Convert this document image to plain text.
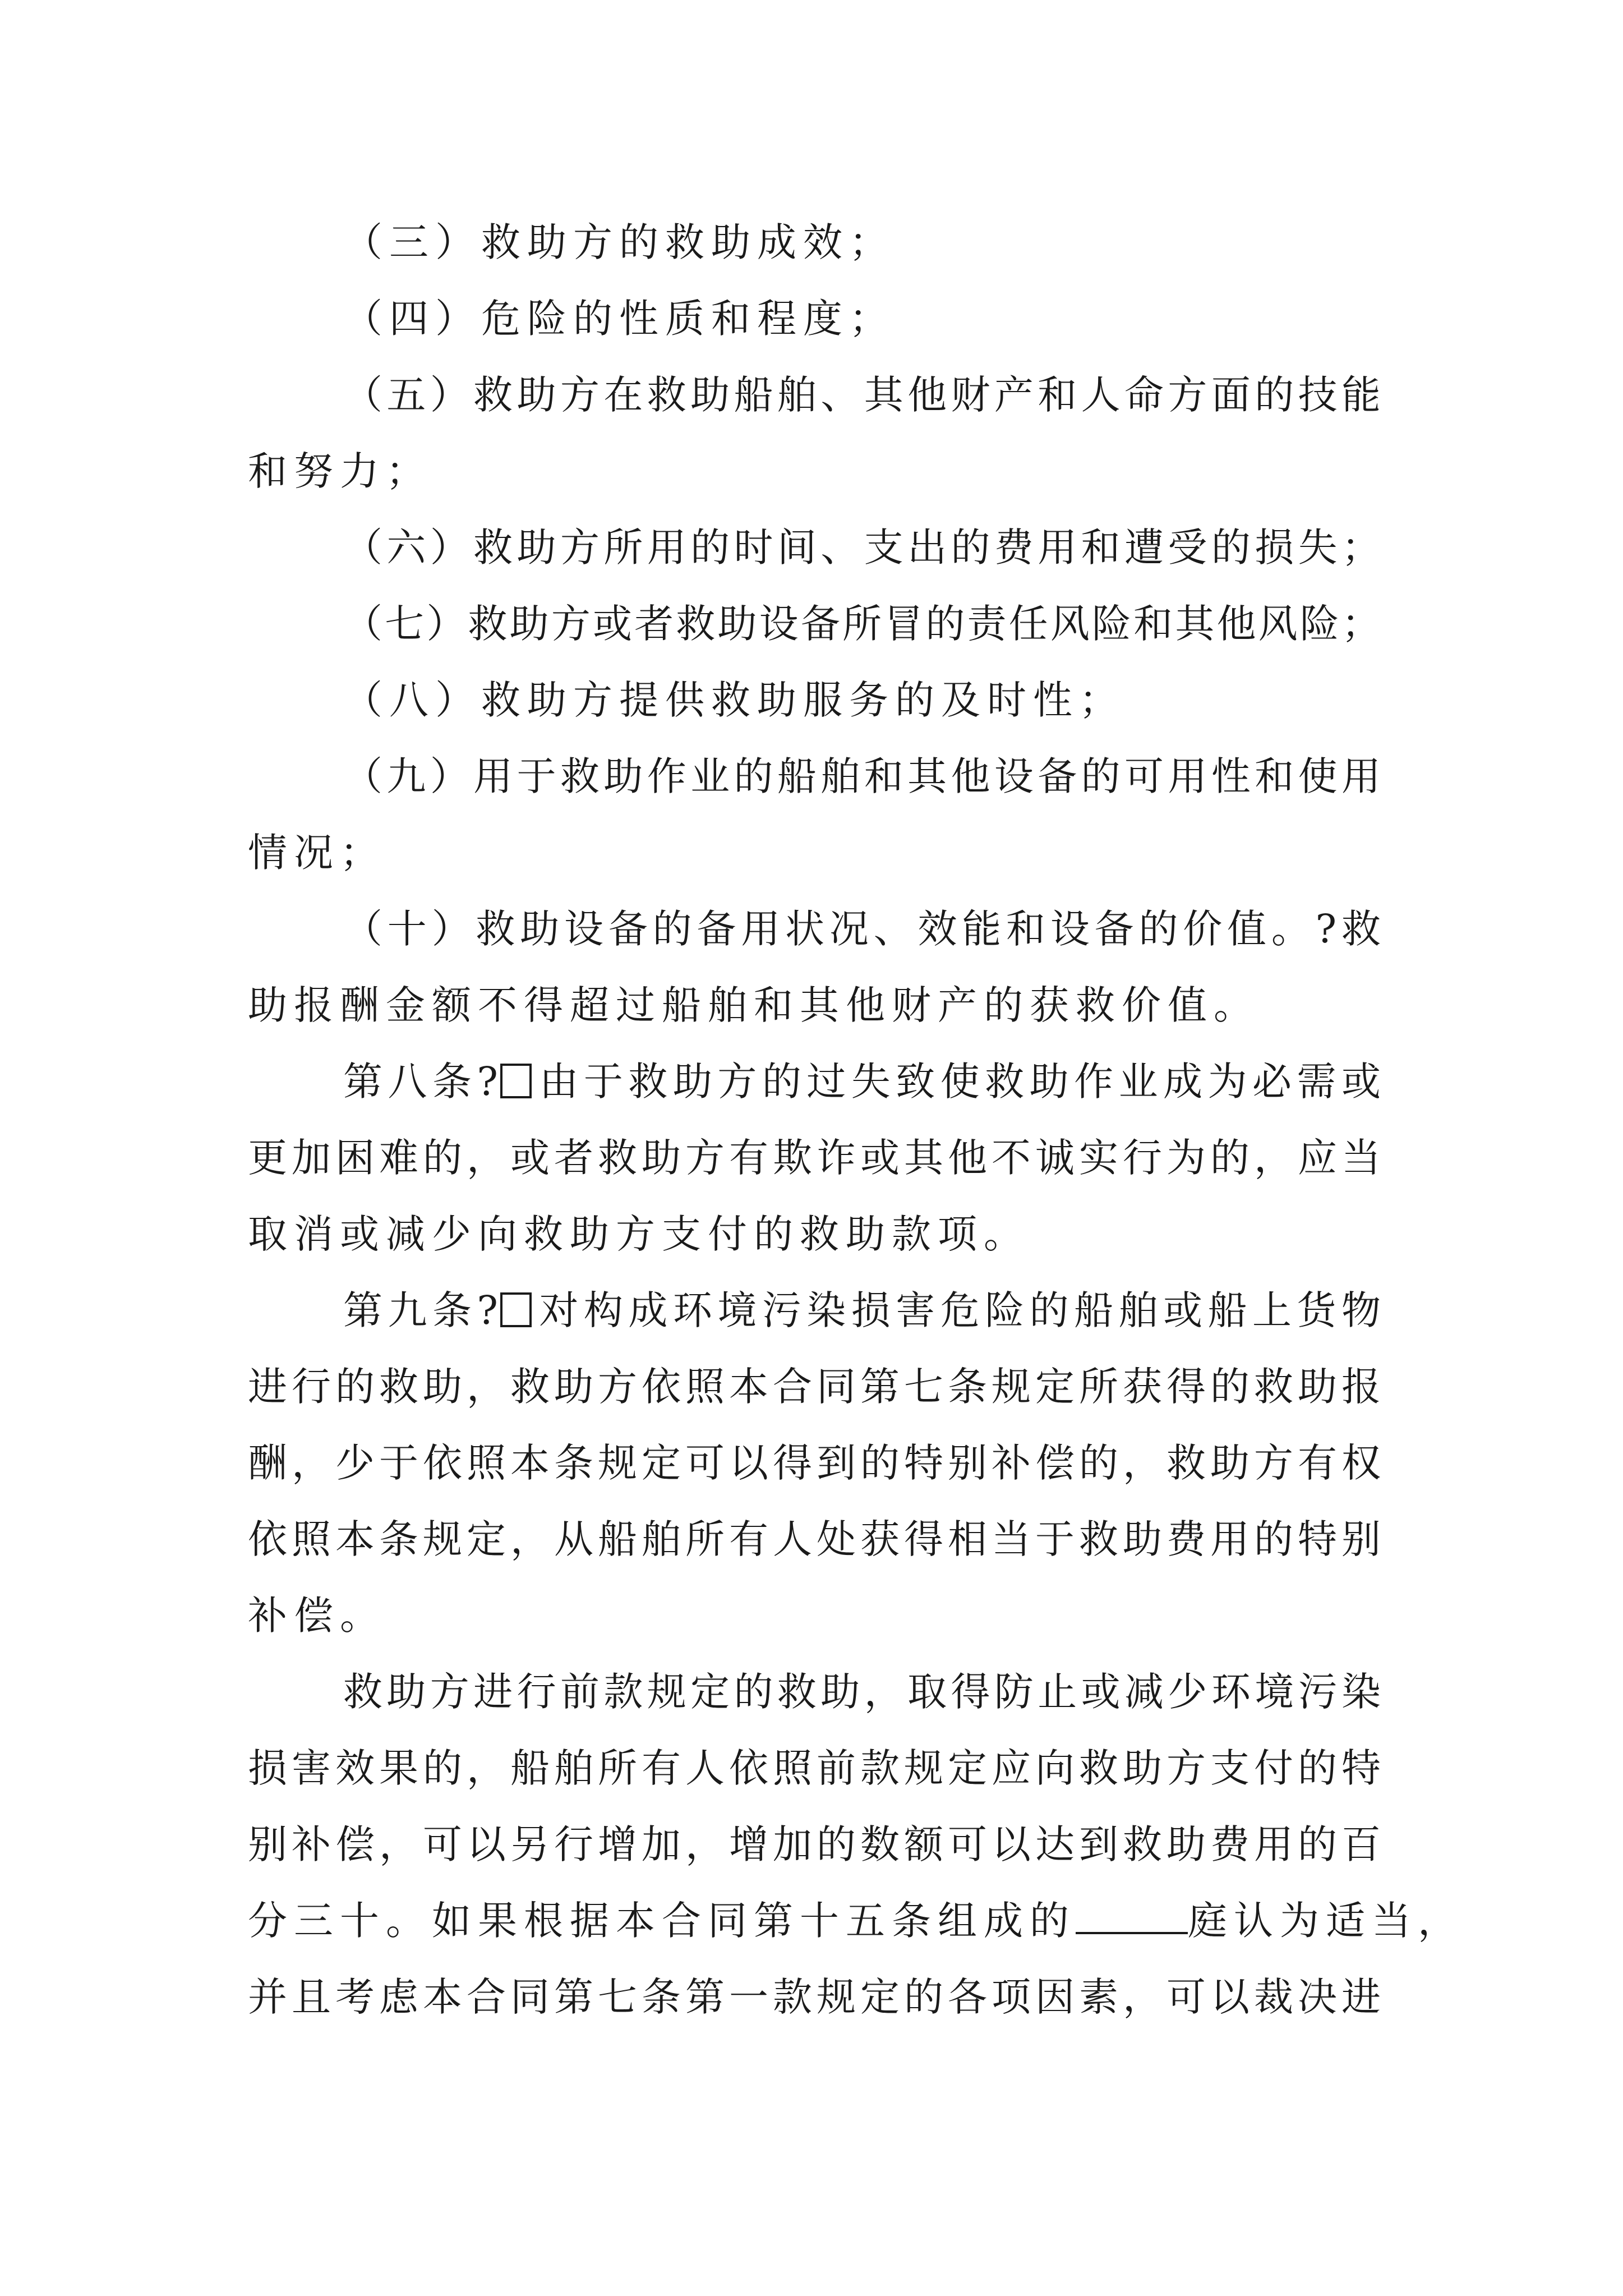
（三）救助方的救助成效；
（四）危险的性质和程度；
（五）救助方在救助船舶、其他财产和人命方面的技能
和努力；
（六）救助方所用的时间、支出的费用和遭受的损失；
（七）救助方或者救助设备所冒的责任风险和其他风险；
（八）救助方提供救助服务的及时性；
（九）用于救助作业的船舶和其他设备的可用性和使用
情况；
（十）救助设备的备用状况、效能和设备的价值。?救
助报酬金额不得超过船舶和其他财产的获救价值。
第八条? 由于救助方的过失致使救助作业成为必需或
更加困难的，或者救助方有欺诈或其他不诚实行为的，应当
取消或减少向救助方支付的救助款项。
第九条? 对构成环境污染损害危险的船舶或船上货物
进行的救助，救助方依照本合同第七条规定所获得的救助报
酬，少于依照本条规定可以得到的特别补偿的，救助方有权
依照本条规定，从船舶所有人处获得相当于救助费用的特别
补偿。
救助方进行前款规定的救助，取得防止或减少环境污染
损害效果的，船舶所有人依照前款规定应向救助方支付的特
别补偿，可以另行增加，增加的数额可以达到救助费用的百
分三十。如果根据本合同第十五条组成的	庭认为适当，
并且考虑本合同第七条第一款规定的各项因素，可以裁决进
